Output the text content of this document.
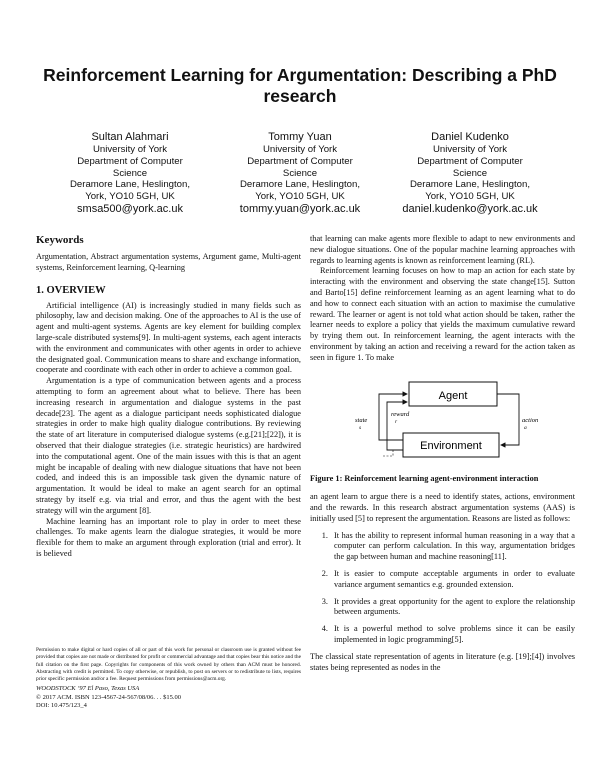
Reinforcement Learning for Argumentation: Describing a PhD research
Sultan Alahmari
University of York
Department of Computer
Science
Deramore Lane, Heslington,
York, YO10 5GH, UK
smsa500@york.ac.uk
Tommy Yuan
University of York
Department of Computer
Science
Deramore Lane, Heslington,
York, YO10 5GH, UK
tommy.yuan@york.ac.uk
Daniel Kudenko
University of York
Department of Computer
Science
Deramore Lane, Heslington,
York, YO10 5GH, UK
daniel.kudenko@york.ac.uk
Keywords

Argumentation, Abstract argumentation systems, Argument game, Multi-agent systems, Reinforcement learning, Q-learning

1. OVERVIEW

Artificial intelligence (AI) is increasingly studied in many fields such as philosophy, law and decision making. One of the approaches to AI is the use of agent and multi-agent systems. Agents are key element for building complex large-scale distributed systems[9]. In multi-agent systems, each agent interacts with the environment and communicates with other agents in order to achieve the designated goal. Communication means to share and exchange information, cooperate and coordinate with each other in order to achieve a common goal.

Argumentation is a type of communication between agents and a process attempting to form an agreement about what to believe. There has been increasing research in argumentation and dialogue systems in the past decade[23]. The agent as a dialogue participant needs sophisticated dialogue strategies in order to make high quality dialogue contributions. By reviewing the state of art literature in computerised dialogue systems (e.g.[21];[22]), it is observed that their dialogue strategies (i.e. strategic heuristics) are hardwired into the computational agent. One of the main issues with this is that an agent might be incapable of dealing with new dialogue situations that have not been coded, and indeed this is an impossible task given the dynamic nature of argumentation. It would be ideal to make an agent search for an optimal strategy by itself e.g. via trial and error, and thus the agent with the best strategy will win the argument [8].

Machine learning has an important role to play in order to meet these challenges. To make agents learn the dialogue strategies, it would be more flexible for them to make an argument through exploration (trial and error). It is believed

Permission to make digital or hard copies of all or part of this work for personal or classroom use is granted without fee provided that copies are not made or distributed for profit or commercial advantage and that copies bear this notice and the full citation on the first page. Copyrights for components of this work owned by others than ACM must be honored. Abstracting with credit is permitted. To copy otherwise, or republish, to post on servers or to redistribute to lists, requires prior specific permission and/or a fee. Request permissions from permissions@acm.org.
WOODSTOCK ’97 El Paso, Texas USA
© 2017 ACM. ISBN 123-4567-24-567/08/06. . . $15.00
DOI: 10.475/123_4

that learning can make agents more flexible to adapt to new environments and new dialogue situations. One of the popular machine learning approaches with regards to learning agents is known as reinforcement learning (RL).

Reinforcement learning focuses on how to map an action for each state by interacting with the environment and observing the state change[15]. Sutton and Barto[15] define reinforcement learning as an agent learning what to do and how to connect each situation with an action to maximise the cumulative reward. The learner or agent is not told what action should be taken, rather the learner needs to explore a policy that yields the maximum cumulative reward by trying them out. In reinforcement learning, the agent interacts with the environment by taking an action and receiving a reward for the action taken as seen in figure 1. To make

Agent
Environment
state
s
reward
r	action
a
Figure 1: Reinforcement learning agent-environment interaction

an agent learn to argue there is a need to identify states, actions, environment and the rewards. In this research abstract argumentation systems (AAS) is initially used [5] to represent the argumentation. Reasons are listed as follows:

1. It has the ability to represent informal human reasoning in a way that a computer can perform calculation. In this way, argumentation bridges the gap between human and machine reasoning[11].
2. It is easier to compute acceptable arguments in order to evaluate variance argument semantics e.g. grounded extension.
3. It provides a great opportunity for the agent to explore the relationship between arguments.
4. It is a powerful method to solve problems since it can be easily implemented in logic programming[5].

The classical state representation of agents in literature (e.g. [19];[4]) involves states being represented as nodes in the
